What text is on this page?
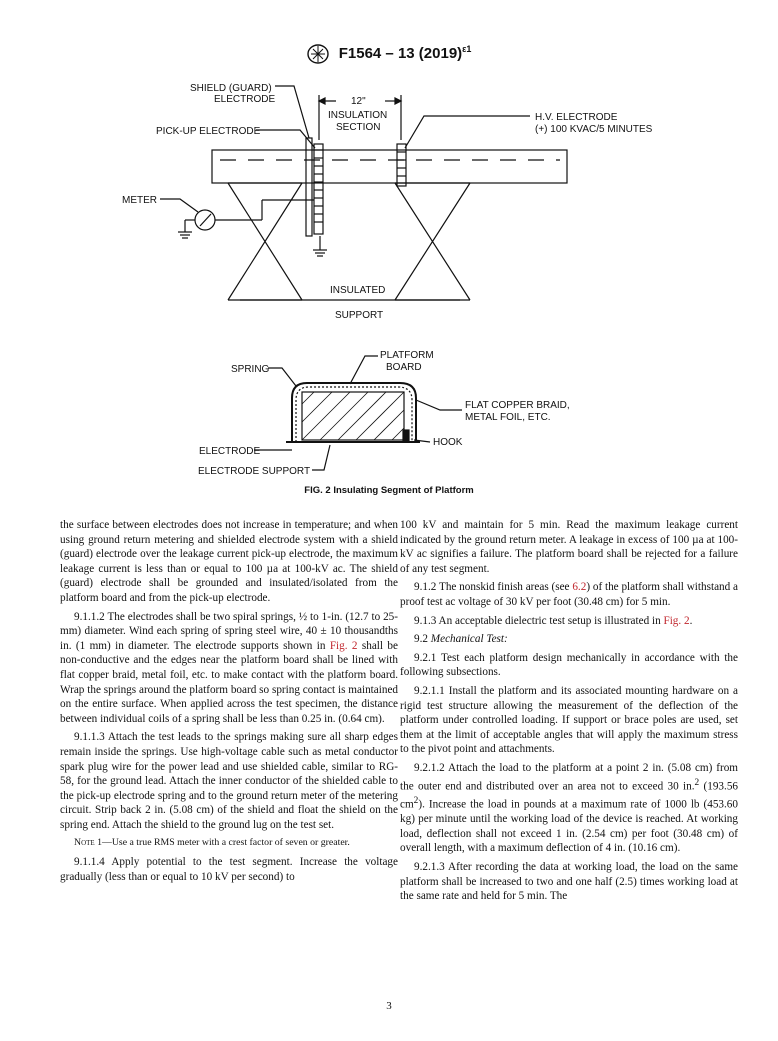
F1564 – 13 $(2019)^{\varepsilon 1}$
SHIELD (GUARD)
ELECTRODE	12"
INSULATION
SECTION
H.V. ELECTRODE
(+) 100 KVAC/5 MINUTES
PICK-UP ELECTRODE
METER
INSULATED
SUPPORT
SPRING
PLATFORM
BOARD
FLAT COPPER BRAID,
METAL FOIL, ETC.
ELECTRODE
HOOK
ELECTRODE SUPPORT
FIG. 2 Insulating Segment of Platform

the surface between electrodes does not increase in temperature; and when using ground return metering and shielded electrode system with a shield (guard) electrode over the leakage current pick-up electrode, the maximum leakage current is less than or equal to 100 µa at 100-kV ac. The shield (guard) electrode shall be grounded and insulated/isolated from the platform board and from the pick-up electrode.

9.1.1.2 The electrodes shall be two spiral springs, ½ to 1-in. (12.7 to 25-mm) diameter. Wind each spring of spring steel wire, 40 ± 10 thousandths in. (1 mm) in diameter. The electrode supports shown in Fig. 2 shall be non-conductive and the edges near the platform board shall be lined with flat copper braid, metal foil, etc. to make contact with the platform board. Wrap the springs around the platform board so spring contact is maintained on the entire surface. When applied across the test specimen, the distance between individual coils of a spring shall be less than 0.25 in. (0.64 cm).

9.1.1.3 Attach the test leads to the springs making sure all sharp edges remain inside the springs. Use high-voltage cable such as metal conductor spark plug wire for the power lead and use shielded cable, similar to RG-58, for the ground lead. Attach the inner conductor of the shielded cable to the pick-up electrode spring and to the ground return meter of the metering circuit. Strip back 2 in. (5.08 cm) of the shield and float the shield on the spring end. Attach the shield to the ground lug on the test set.

Note 1—Use a true RMS meter with a crest factor of seven or greater.

9.1.1.4 Apply potential to the test segment. Increase the voltage gradually (less than or equal to 10 kV per second) to

100 kV and maintain for 5 min. Read the maximum leakage current indicated by the ground return meter. A leakage in excess of 100 µa at 100-kV ac signifies a failure. The platform board shall be rejected for a failure of any test segment.

9.1.2 The nonskid finish areas (see 6.2) of the platform shall withstand a proof test ac voltage of 30 kV per foot (30.48 cm) for 5 min.

9.1.3 An acceptable dielectric test setup is illustrated in Fig. 2.

9.2 Mechanical Test:

9.2.1 Test each platform design mechanically in accordance with the following subsections.

9.2.1.1 Install the platform and its associated mounting hardware on a rigid test structure allowing the measurement of the deflection of the platform under controlled loading. If support or brace poles are used, set them at the limit of acceptable angles that will apply the maximum stress to the pivot point and attachments.

9.2.1.2 Attach the load to the platform at a point 2 in. (5.08 cm) from the outer end and distributed over an area not to exceed 30 in.$^2$ (193.56 $cm^2$). Increase the load in pounds at a maximum rate of 1000 lb (453.60 kg) per minute until the working load of the device is reached. At working load, deflection shall not exceed 1 in. (2.54 cm) per foot (30.48 cm) of overall length, with a maximum deflection of 4 in. (10.16 cm).

9.2.1.3 After recording the data at working load, the load on the same platform shall be increased to two and one half (2.5) times working load at the same rate and held for 5 min. The

3
